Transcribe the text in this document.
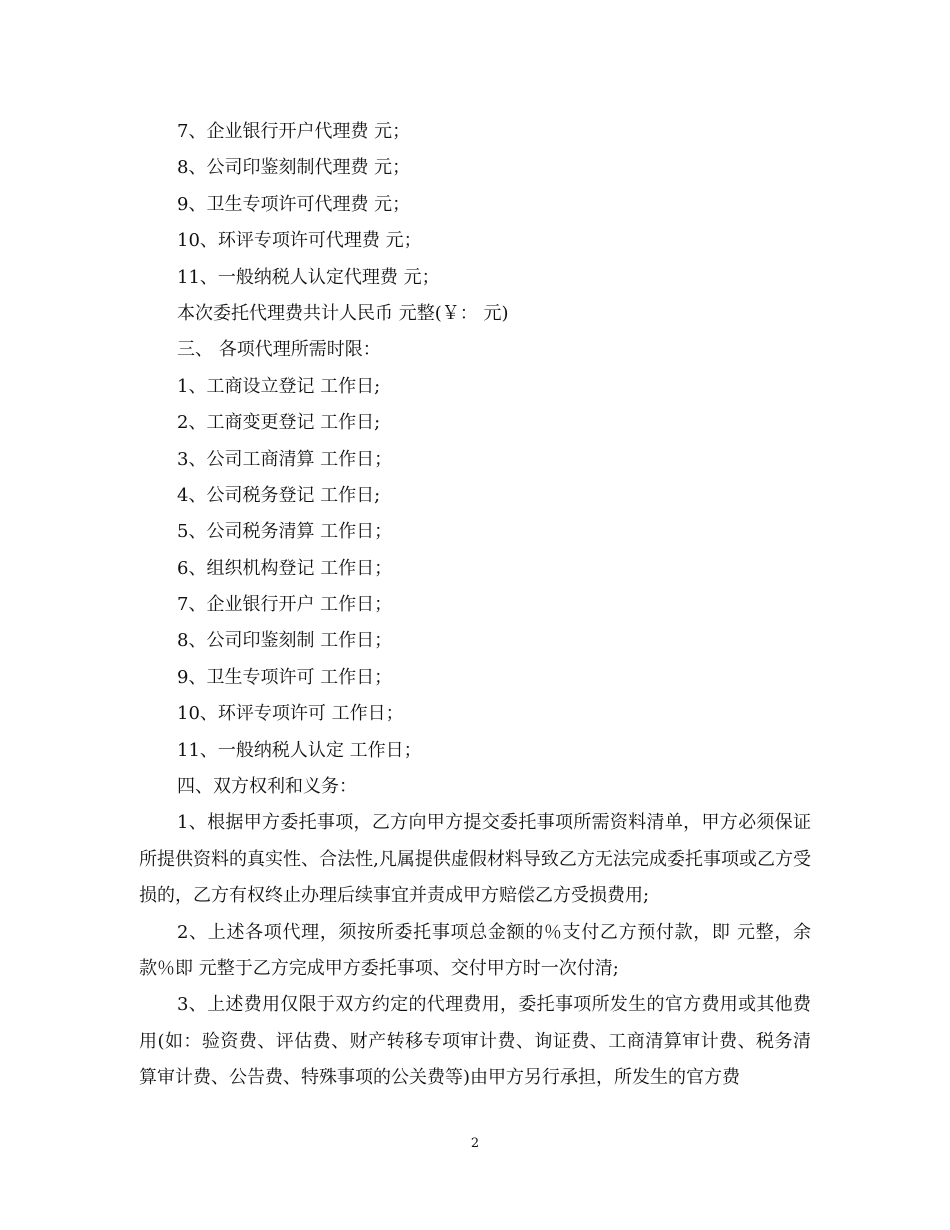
7、企业银行开户代理费 元；
8、公司印鉴刻制代理费 元；
9、卫生专项许可代理费 元；
10、环评专项许可代理费 元；
11、一般纳税人认定代理费 元；
本次委托代理费共计人民币 元整(￥： 元)
三、 各项代理所需时限：
1、工商设立登记 工作日;
2、工商变更登记 工作日;
3、公司工商清算 工作日；
4、公司税务登记 工作日;
5、公司税务清算 工作日；
6、组织机构登记 工作日；
7、企业银行开户 工作日；
8、公司印鉴刻制 工作日；
9、卫生专项许可 工作日；
10、环评专项许可 工作日；
11、一般纳税人认定 工作日；
四、双方权利和义务：

1、根据甲方委托事项，乙方向甲方提交委托事项所需资料清单，甲方必须保证所提供资料的真实性、合法性,凡属提供虚假材料导致乙方无法完成委托事项或乙方受损的，乙方有权终止办理后续事宜并责成甲方赔偿乙方受损费用;

2、上述各项代理，须按所委托事项总金额的％支付乙方预付款，即 元整，余款％即 元整于乙方完成甲方委托事项、交付甲方时一次付清;

3、上述费用仅限于双方约定的代理费用，委托事项所发生的官方费用或其他费用(如：验资费、评估费、财产转移专项审计费、询证费、工商清算审计费、税务清算审计费、公告费、特殊事项的公关费等)由甲方另行承担，所发生的官方费

2
